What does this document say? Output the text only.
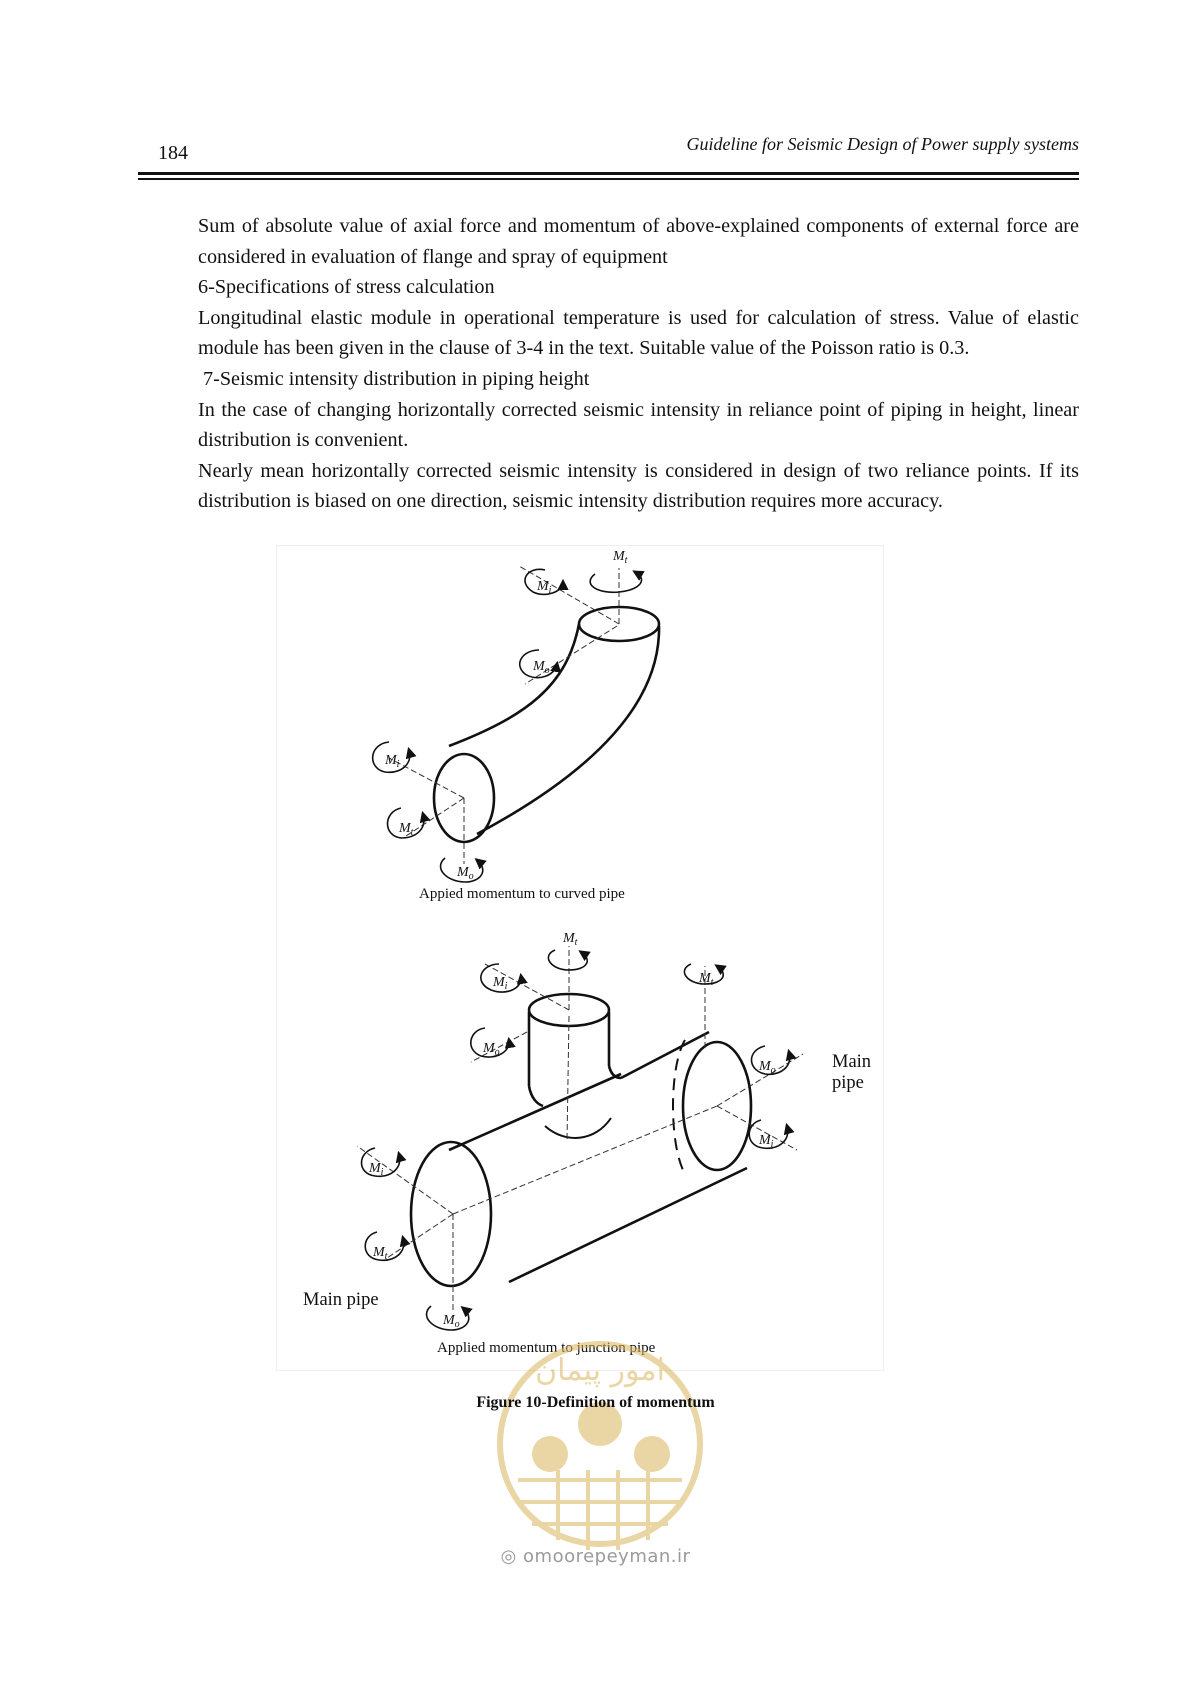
184	Guideline for Seismic Design of Power supply systems

Sum of absolute value of axial force and momentum of above-explained components of external force are considered in evaluation of flange and spray of equipment

6-Specifications of stress calculation

Longitudinal elastic module in operational temperature is used for calculation of stress. Value of elastic module has been given in the clause of 3-4 in the text. Suitable value of the Poisson ratio is 0.3.

7-Seismic intensity distribution in piping height

In the case of changing horizontally corrected seismic intensity in reliance point of piping in height, linear distribution is convenient.

Nearly mean horizontally corrected seismic intensity is considered in design of two reliance points. If its distribution is biased on one direction, seismic intensity distribution requires more accuracy.

$M_t$
$M_i$
$M_o$
$M_i$
$M_t$
$M_o$
$M_t$
$M_i$
$M_t$
$M_o$
$M_o$
$M_i$
$M_i$
$M_t$
$M_o$
Appied momentum to curved pipe
Main pipe
Main pipe
Applied momentum to junction pipe
امور پیمان
Figure 10-Definition of momentum
◎ omoorepeyman.ir
